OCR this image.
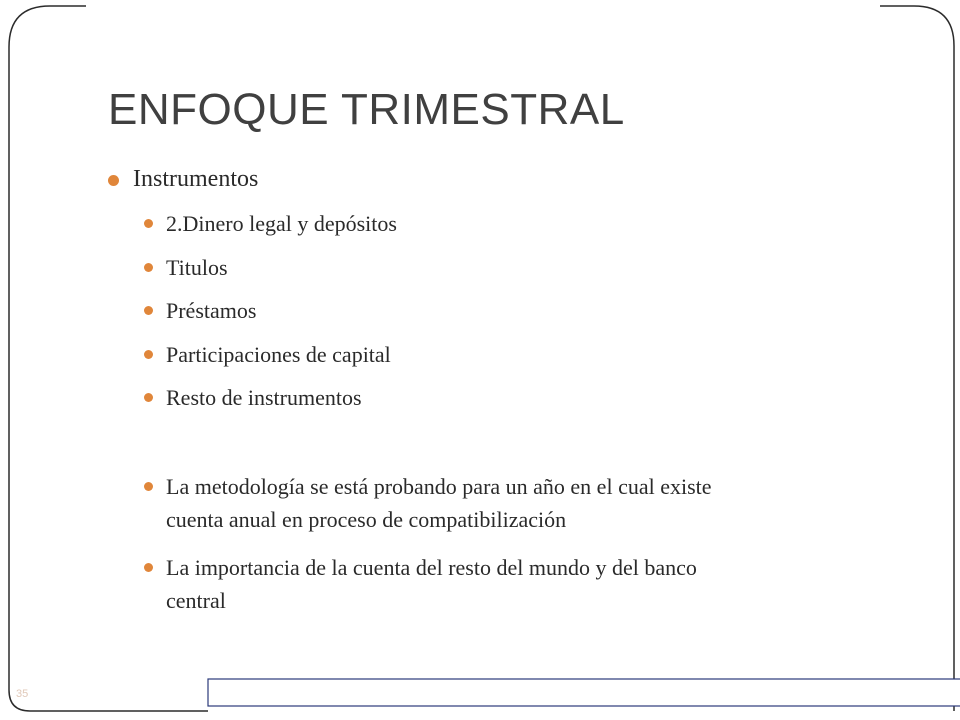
ENFOQUE TRIMESTRAL

Instrumentos

2.Dinero legal y depósitos

Titulos

Préstamos

Participaciones de capital

Resto de instrumentos

La metodología se está probando para un año en el cual existe
cuenta anual en proceso de compatibilización

La importancia de la cuenta del resto del mundo y del banco
central

35
